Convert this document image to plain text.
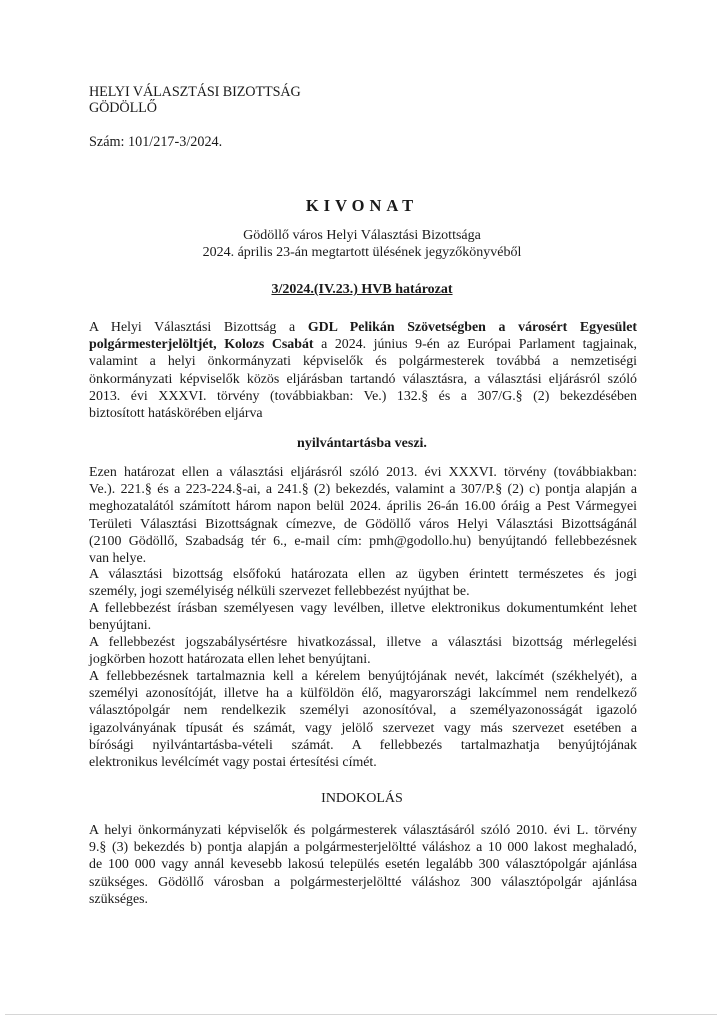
HELYI VÁLASZTÁSI BIZOTTSÁG
GÖDÖLLŐ
Szám: 101/217-3/2024.
KIVONAT
Gödöllő város Helyi Választási Bizottsága
2024. április 23-án megtartott ülésének jegyzőkönyvéből
3/2024.(IV.23.) HVB határozat
A Helyi Választási Bizottság a GDL Pelikán Szövetségben a városért Egyesület
polgármesterjelöltjét, Kolozs Csabát a 2024. június 9-én az Európai Parlament tagjainak,
valamint a helyi önkormányzati képviselők és polgármesterek továbbá a nemzetiségi
önkormányzati képviselők közös eljárásban tartandó választásra, a választási eljárásról szóló
2013. évi XXXVI. törvény (továbbiakban: Ve.) 132.§ és a 307/G.§ (2) bekezdésében
biztosított hatáskörében eljárva
nyilvántartásba veszi.
Ezen határozat ellen a választási eljárásról szóló 2013. évi XXXVI. törvény (továbbiakban:
Ve.). 221.§ és a 223-224.§-ai, a 241.§ (2) bekezdés, valamint a 307/P.§ (2) c) pontja alapján a
meghozatalától számított három napon belül 2024. április 26-án 16.00 óráig a Pest Vármegyei
Területi Választási Bizottságnak címezve, de Gödöllő város Helyi Választási Bizottságánál
(2100 Gödöllő, Szabadság tér 6., e-mail cím: pmh@godollo.hu) benyújtandó fellebbezésnek
van helye.
A választási bizottság elsőfokú határozata ellen az ügyben érintett természetes és jogi
személy, jogi személyiség nélküli szervezet fellebbezést nyújthat be.
A fellebbezést írásban személyesen vagy levélben, illetve elektronikus dokumentumként lehet
benyújtani.
A fellebbezést jogszabálysértésre hivatkozással, illetve a választási bizottság mérlegelési
jogkörben hozott határozata ellen lehet benyújtani.
A fellebbezésnek tartalmaznia kell a kérelem benyújtójának nevét, lakcímét (székhelyét), a
személyi azonosítóját, illetve ha a külföldön élő, magyarországi lakcímmel nem rendelkező
választópolgár nem rendelkezik személyi azonosítóval, a személyazonosságát igazoló
igazolványának típusát és számát, vagy jelölő szervezet vagy más szervezet esetében a
bírósági nyilvántartásba-vételi számát. A fellebbezés tartalmazhatja benyújtójának
elektronikus levélcímét vagy postai értesítési címét.
INDOKOLÁS
A helyi önkormányzati képviselők és polgármesterek választásáról szóló 2010. évi L. törvény
9.§ (3) bekezdés b) pontja alapján a polgármesterjelöltté váláshoz a 10 000 lakost meghaladó,
de 100 000 vagy annál kevesebb lakosú település esetén legalább 300 választópolgár ajánlása
szükséges. Gödöllő városban a polgármesterjelöltté váláshoz 300 választópolgár ajánlása
szükséges.
